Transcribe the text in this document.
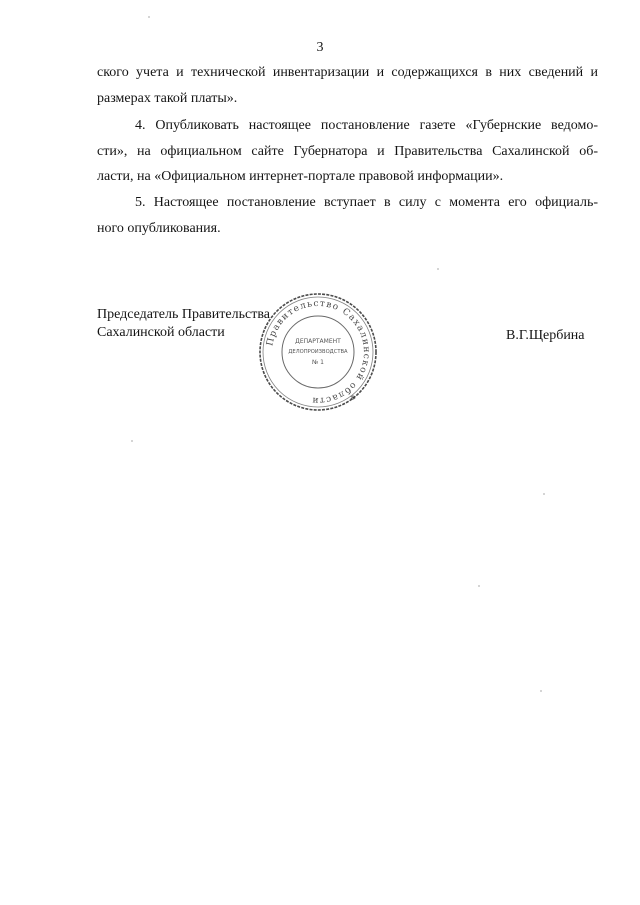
3
ского учета и технической инвентаризации и содержащихся в них сведений и
размерах такой платы».
4. Опубликовать настоящее постановление газете «Губернские ведомо-
сти», на официальном сайте Губернатора и Правительства Сахалинской об-
ласти, на «Официальном интернет-портале правовой информации».
5. Настоящее постановление вступает в силу с момента его официаль-
ного опубликования.
Председатель Правительства
Сахалинской области	В.Г.Щербина
Правительство Сахалинской области
ДЕПАРТАМЕНТ
ДЕЛОПРОИЗВОДСТВА
№ 1
✱
